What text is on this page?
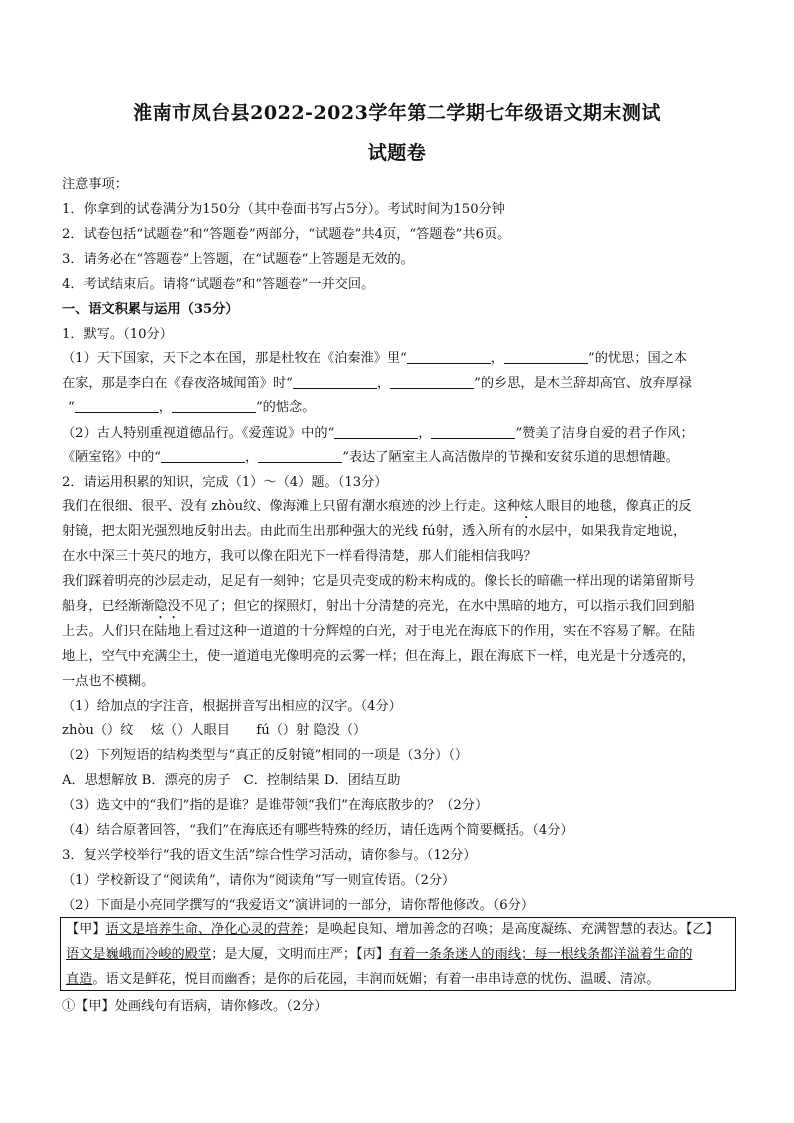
淮南市凤台县2022-2023学年第二学期七年级语文期末测试
试题卷
注意事项：
1．你拿到的试卷满分为150分（其中卷面书写占5分）。考试时间为150分钟
2．试卷包括“试题卷”和“答题卷”两部分，“试题卷”共4页，“答题卷”共6页。
3．请务必在“答题卷”上答题，在“试题卷”上答题是无效的。
4．考试结束后。请将“试题卷”和“答题卷”一并交回。
一、语文积累与运用（35分）
1．默写。（10分）
（1）天下国家，天下之本在国，那是杜牧在《泊秦淮》里“	，	”的忧思；国之本
在家，那是李白在《春夜洛城闻笛》时“	，	”的乡思，是木兰辞却高官、放弃厚禄
“	，	”的惦念。
（2）古人特别重视道德品行。《爱莲说》中的“	，	”赞美了洁身自爱的君子作风；
《陋室铭》中的“	，	”表达了陋室主人高洁傲岸的节操和安贫乐道的思想情趣。
2．请运用积累的知识，完成（1）～（4）题。（13分）
我们在很细、很平、没有 zhòu纹、像海滩上只留有潮水痕迹的沙上行走。这种炫人眼目的地毯，像真正的反
射镜，把太阳光强烈地反射出去。由此而生出那种强大的光线 fú射，透入所有的水层中，如果我肯定地说，
在水中深三十英尺的地方，我可以像在阳光下一样看得清楚，那人们能相信我吗？
我们踩着明亮的沙层走动，足足有一刻钟；它是贝壳变成的粉末构成的。像长长的暗礁一样出现的诺第留斯号
船身，已经渐渐隐没不见了；但它的探照灯，射出十分清楚的亮光，在水中黑暗的地方，可以指示我们回到船
上去。人们只在陆地上看过这种一道道的十分辉煌的白光，对于电光在海底下的作用，实在不容易了解。在陆
地上，空气中充满尘土，使一道道电光像明亮的云雾一样；但在海上，跟在海底下一样，电光是十分透亮的，
一点也不模糊。
（1）给加点的字注音，根据拼音写出相应的汉字。（4分）
zhòu（）纹　 炫（）人眼目　　fú（）射 隐没（）
（2）下列短语的结构类型与“真正的反射镜”相同的一项是（3分）（）
A．思想解放 B．漂亮的房子　C．控制结果 D．团结互助
（3）选文中的“我们”指的是谁？是谁带领“我们”在海底散步的？（2分）
（4）结合原著回答，“我们”在海底还有哪些特殊的经历，请任选两个简要概括。（4分）
3．复兴学校举行“我的语文生活”综合性学习活动，请你参与。（12分）
（1）学校新设了“阅读角”，请你为“阅读角”写一则宣传语。（2分）
（2）下面是小亮同学撰写的“我爱语文”演讲词的一部分，请你帮他修改。（6分）
【甲】语文是培养生命、净化心灵的营养；是唤起良知、增加善念的召唤；是高度凝练、充满智慧的表达。【乙】
语文是巍峨而冷峻的殿堂；是大厦，文明而庄严；【丙】有着一条条迷人的雨线；每一根线条都洋溢着生命的
直造。语文是鲜花，悦目而幽香；是你的后花园，丰润而妩媚；有着一串串诗意的忧伤、温暖、清凉。
①【甲】处画线句有语病，请你修改。（2分）
